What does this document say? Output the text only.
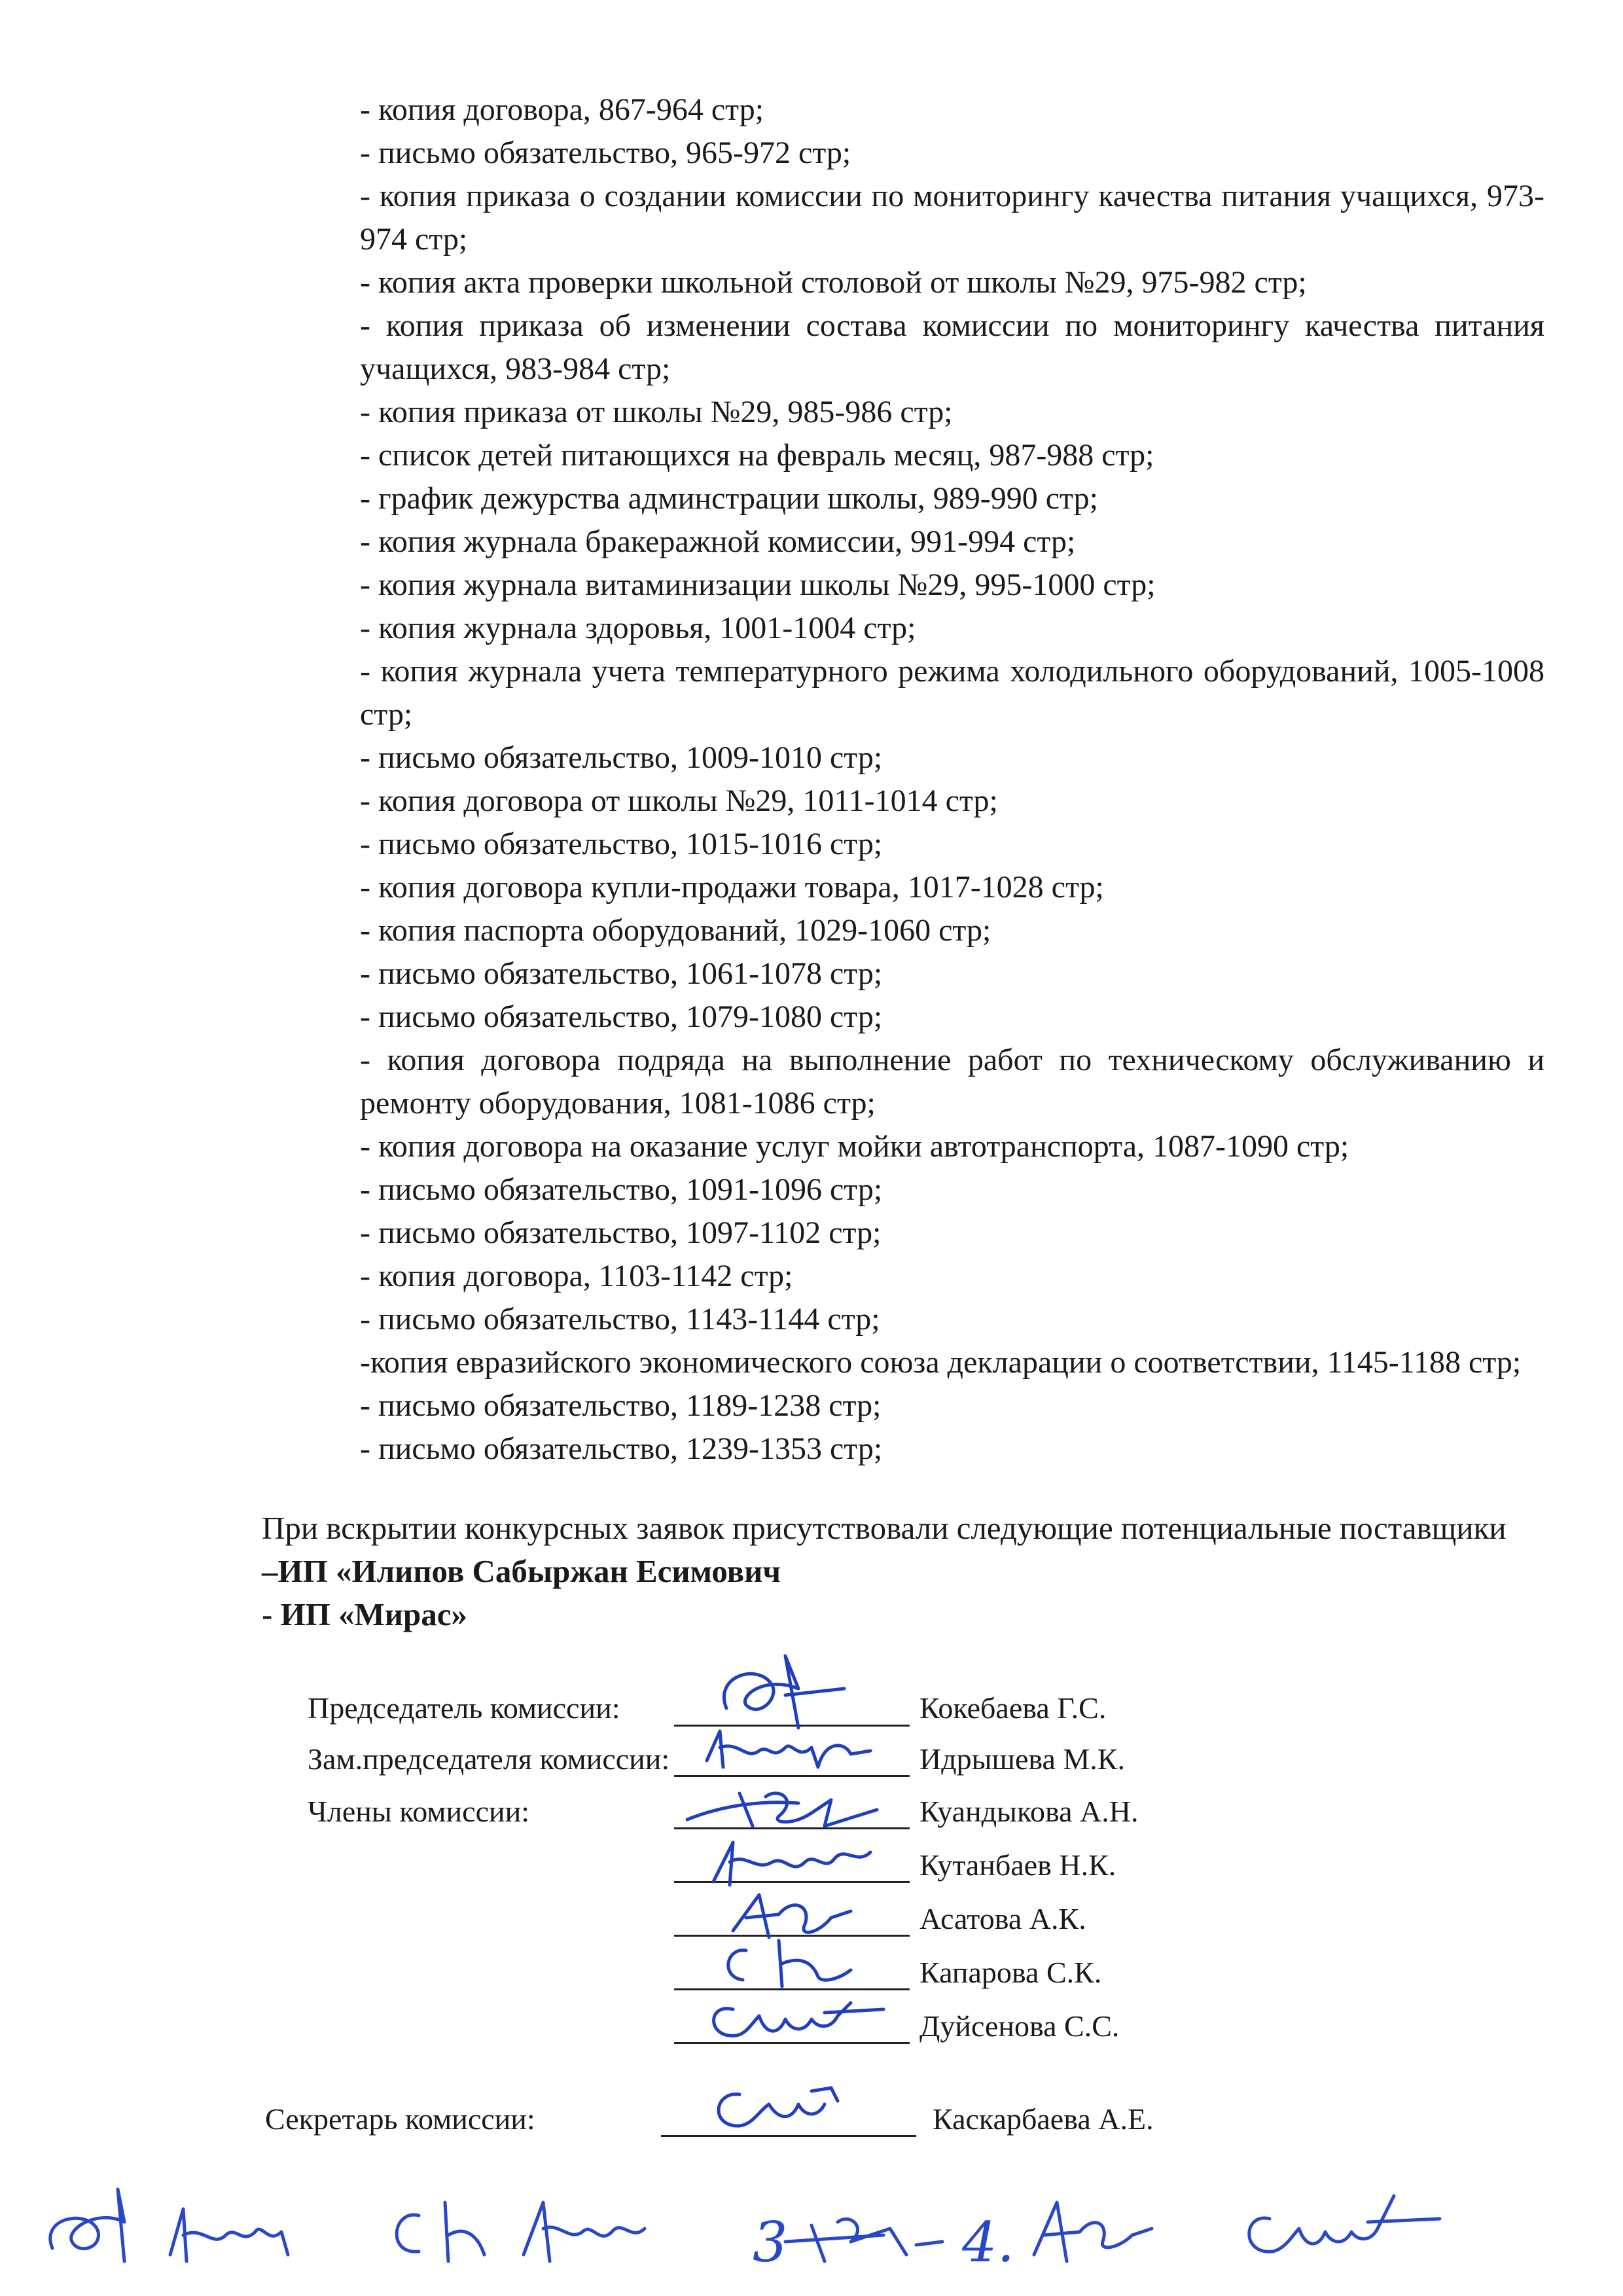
- копия договора, 867-964 стр;
- письмо обязательство, 965-972 стр;
- копия приказа о создании комиссии по мониторингу качества питания учащихся, 973-974 стр;
- копия акта проверки школьной столовой от школы №29, 975-982 стр;
- копия приказа об изменении состава комиссии по мониторингу качества питания учащихся, 983-984 стр;
- копия приказа от школы №29, 985-986 стр;
- список детей питающихся на февраль месяц, 987-988 стр;
- график дежурства админстрации школы, 989-990 стр;
- копия журнала бракеражной комиссии, 991-994 стр;
- копия журнала витаминизации школы №29, 995-1000 стр;
- копия журнала здоровья, 1001-1004 стр;
- копия журнала учета температурного режима холодильного оборудований, 1005-1008 стр;
- письмо обязательство, 1009-1010 стр;
- копия договора от школы №29, 1011-1014 стр;
- письмо обязательство, 1015-1016 стр;
- копия договора купли-продажи товара, 1017-1028 стр;
- копия паспорта оборудований, 1029-1060 стр;
- письмо обязательство, 1061-1078 стр;
- письмо обязательство, 1079-1080 стр;
- копия договора подряда на выполнение работ по техническому обслуживанию и ремонту оборудования, 1081-1086 стр;
- копия договора на оказание услуг мойки автотранспорта, 1087-1090 стр;
- письмо обязательство, 1091-1096 стр;
- письмо обязательство, 1097-1102 стр;
- копия договора, 1103-1142 стр;
- письмо обязательство, 1143-1144 стр;
-копия евразийского экономического союза декларации о соответствии, 1145-1188 стр;
- письмо обязательство, 1189-1238 стр;
- письмо обязательство, 1239-1353 стр;

При вскрытии конкурсных заявок присутствовали следующие потенциальные поставщики

–ИП «Илипов Сабыржан Есимович

- ИП «Мирас»

Председатель комиссии:	Кокебаева Г.С.
Зам.председателя комиссии:	Идрышева М.К.
Члены комиссии:	Куандыкова А.Н.
Кутанбаев Н.К.
Асатова А.К.
Капарова С.К.
Дуйсенова С.С.
Секретарь комиссии:	Каскарбаева А.Е.
3	4.
